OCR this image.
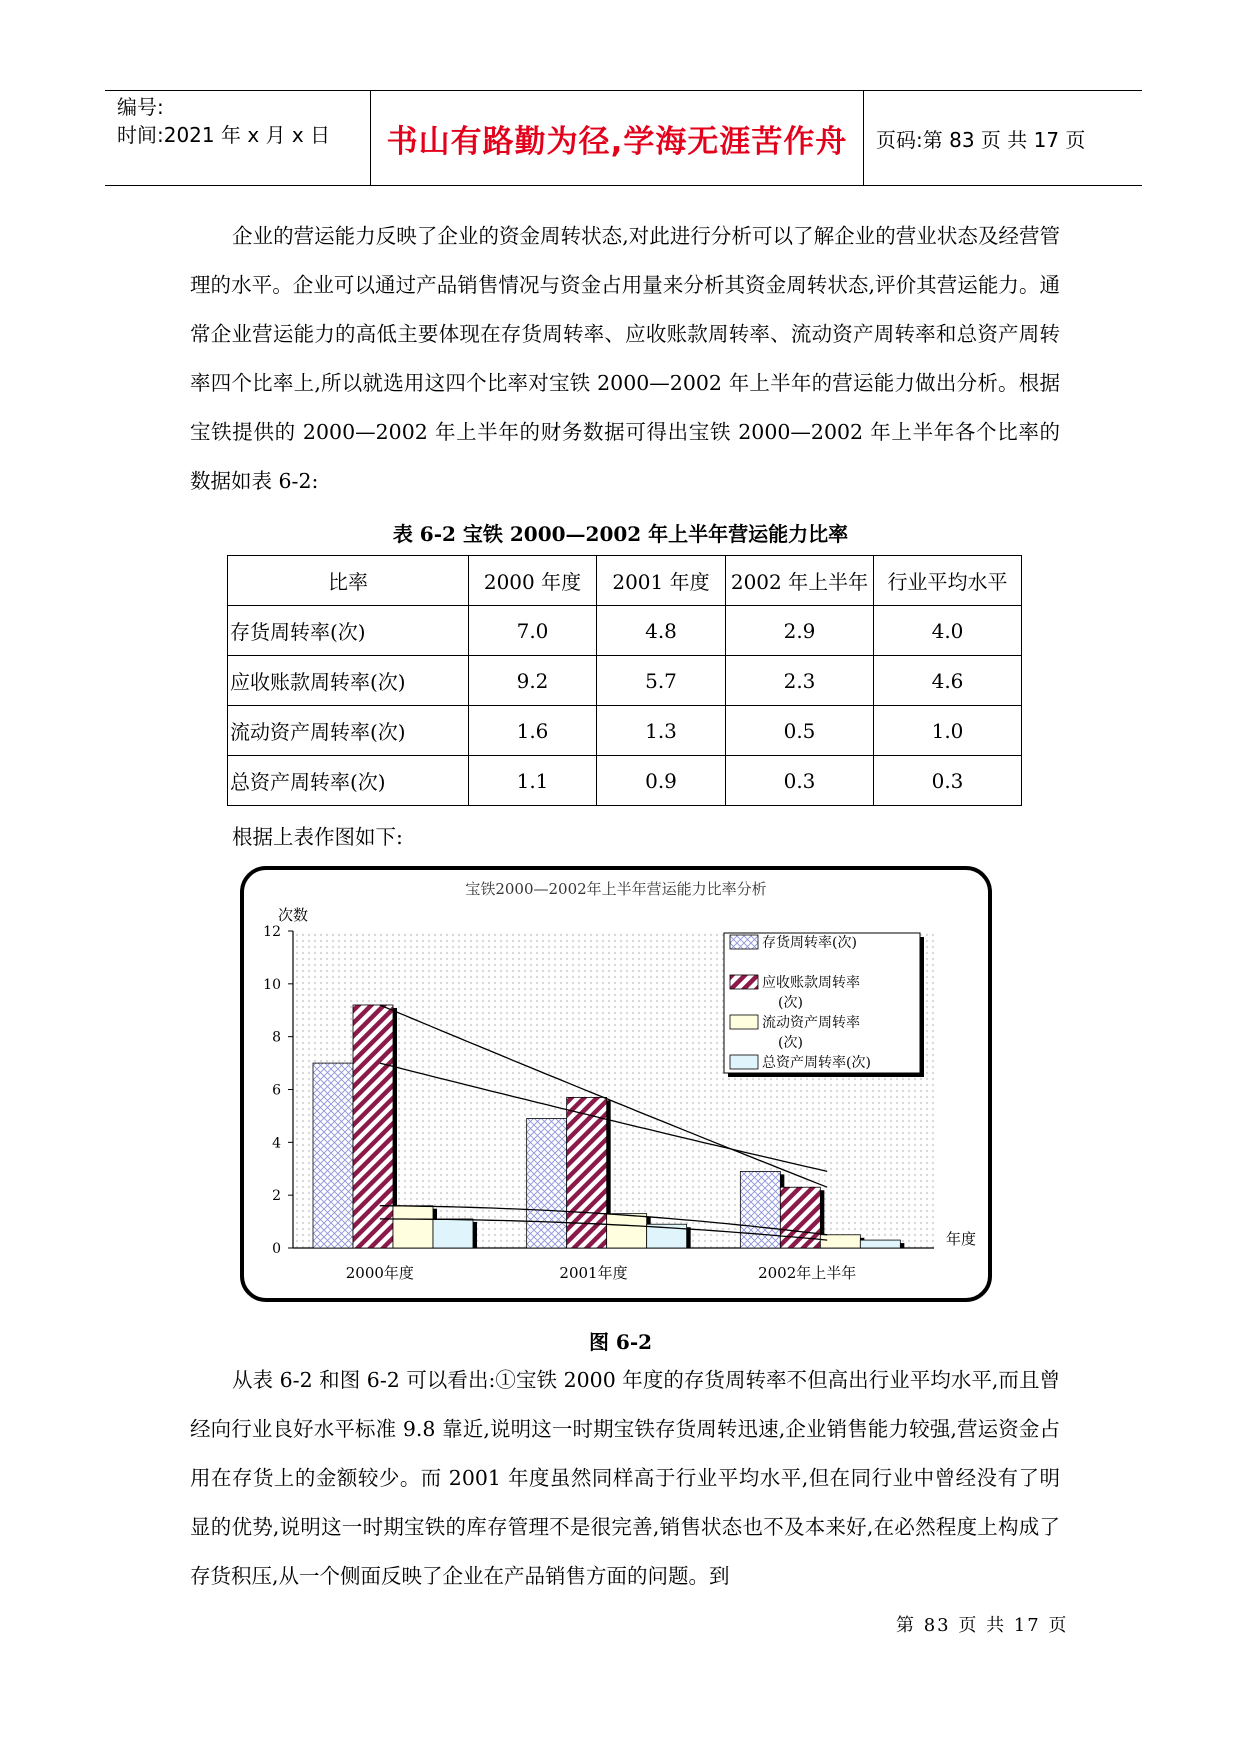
编号:
时间:2021 年 x 月 x 日 书山有路勤为径,学海无涯苦作舟 页码:第 83 页 共 17 页

企业的营运能力反映了企业的资金周转状态,对此进行分析可以了解企业的营业状态及经营管理的水平。企业可以通过产品销售情况与资金占用量来分析其资金周转状态,评价其营运能力。通常企业营运能力的高低主要体现在存货周转率、应收账款周转率、流动资产周转率和总资产周转率四个比率上,所以就选用这四个比率对宝铁 2000—2002 年上半年的营运能力做出分析。根据宝铁提供的 2000—2002 年上半年的财务数据可得出宝铁 2000—2002 年上半年各个比率的数据如表 6-2:

表 6-2 宝铁 2000—2002 年上半年营运能力比率
比率	2000 年度	2001 年度	2002 年上半年	行业平均水平
存货周转率(次)	7.0	4.8	2.9	4.0
应收账款周转率(次)	9.2	5.7	2.3	4.6
流动资产周转率(次)	1.6	1.3	0.5	1.0
总资产周转率(次)	1.1	0.9	0.3	0.3
根据上表作图如下:
宝铁2000—2002年上半年营运能力比率分析
次数
年度
0
2
4
6
8
10
12
2000年度	2001年度	2002年上半年
存货周转率(次)
应收账款周转率
(次)
流动资产周转率
(次)
总资产周转率(次)
图 6-2

从表 6-2 和图 6-2 可以看出:①宝铁 2000 年度的存货周转率不但高出行业平均水平,而且曾经向行业良好水平标准 9.8 靠近,说明这一时期宝铁存货周转迅速,企业销售能力较强,营运资金占用在存货上的金额较少。而 2001 年度虽然同样高于行业平均水平,但在同行业中曾经没有了明显的优势,说明这一时期宝铁的库存管理不是很完善,销售状态也不及本来好,在必然程度上构成了存货积压,从一个侧面反映了企业在产品销售方面的问题。到

第 83 页 共 17 页
